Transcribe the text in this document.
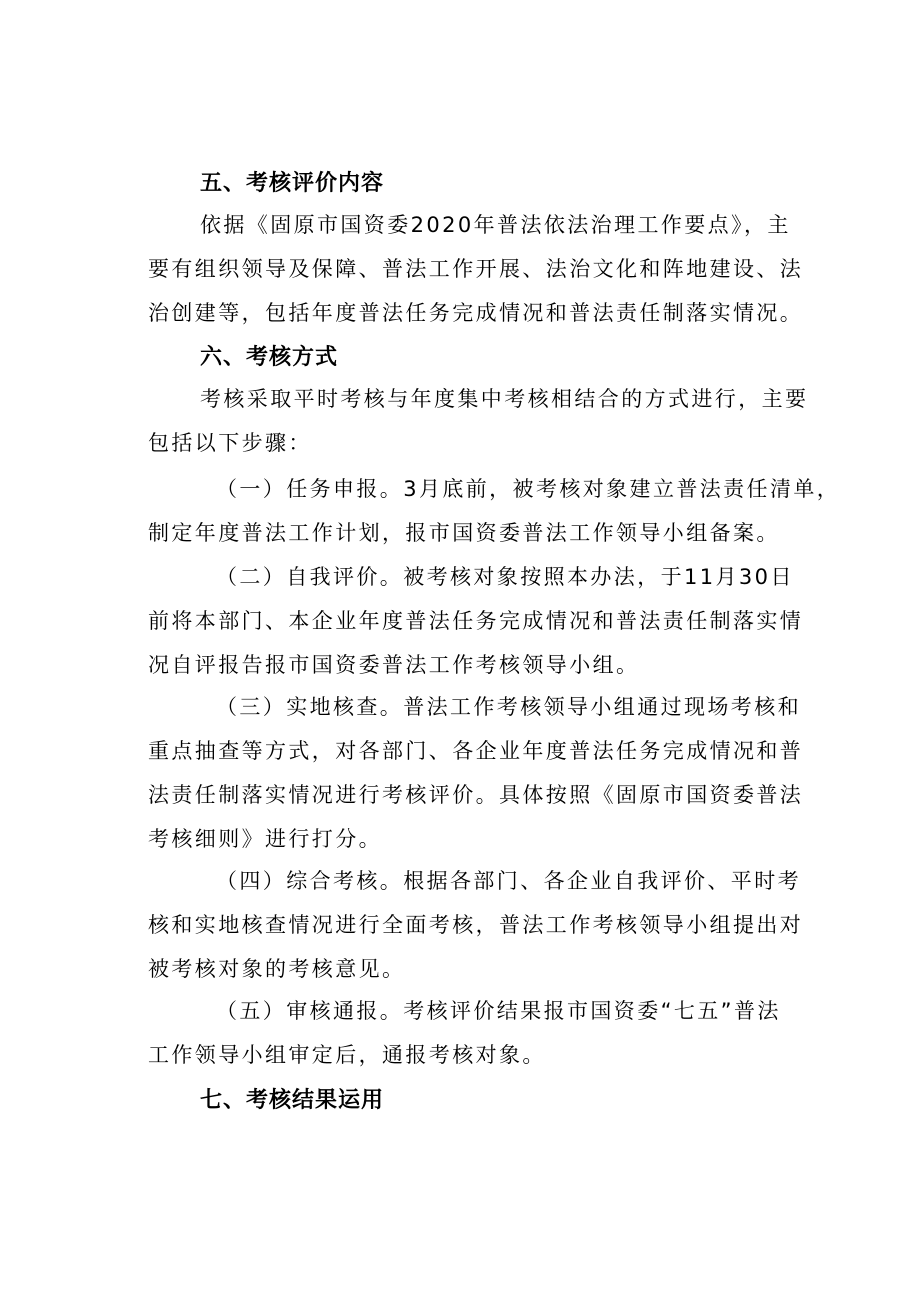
五、考核评价内容
依据《固原市国资委2020年普法依法治理工作要点》，主
要有组织领导及保障、普法工作开展、法治文化和阵地建设、法
治创建等，包括年度普法任务完成情况和普法责任制落实情况。
六、考核方式
考核采取平时考核与年度集中考核相结合的方式进行，主要
包括以下步骤：
（一）任务申报。3月底前，被考核对象建立普法责任清单，
制定年度普法工作计划，报市国资委普法工作领导小组备案。
（二）自我评价。被考核对象按照本办法，于11月30日
前将本部门、本企业年度普法任务完成情况和普法责任制落实情
况自评报告报市国资委普法工作考核领导小组。
（三）实地核查。普法工作考核领导小组通过现场考核和
重点抽查等方式，对各部门、各企业年度普法任务完成情况和普
法责任制落实情况进行考核评价。具体按照《固原市国资委普法
考核细则》进行打分。
（四）综合考核。根据各部门、各企业自我评价、平时考
核和实地核查情况进行全面考核，普法工作考核领导小组提出对
被考核对象的考核意见。
（五）审核通报。考核评价结果报市国资委“七五”普法
工作领导小组审定后，通报考核对象。
七、考核结果运用
